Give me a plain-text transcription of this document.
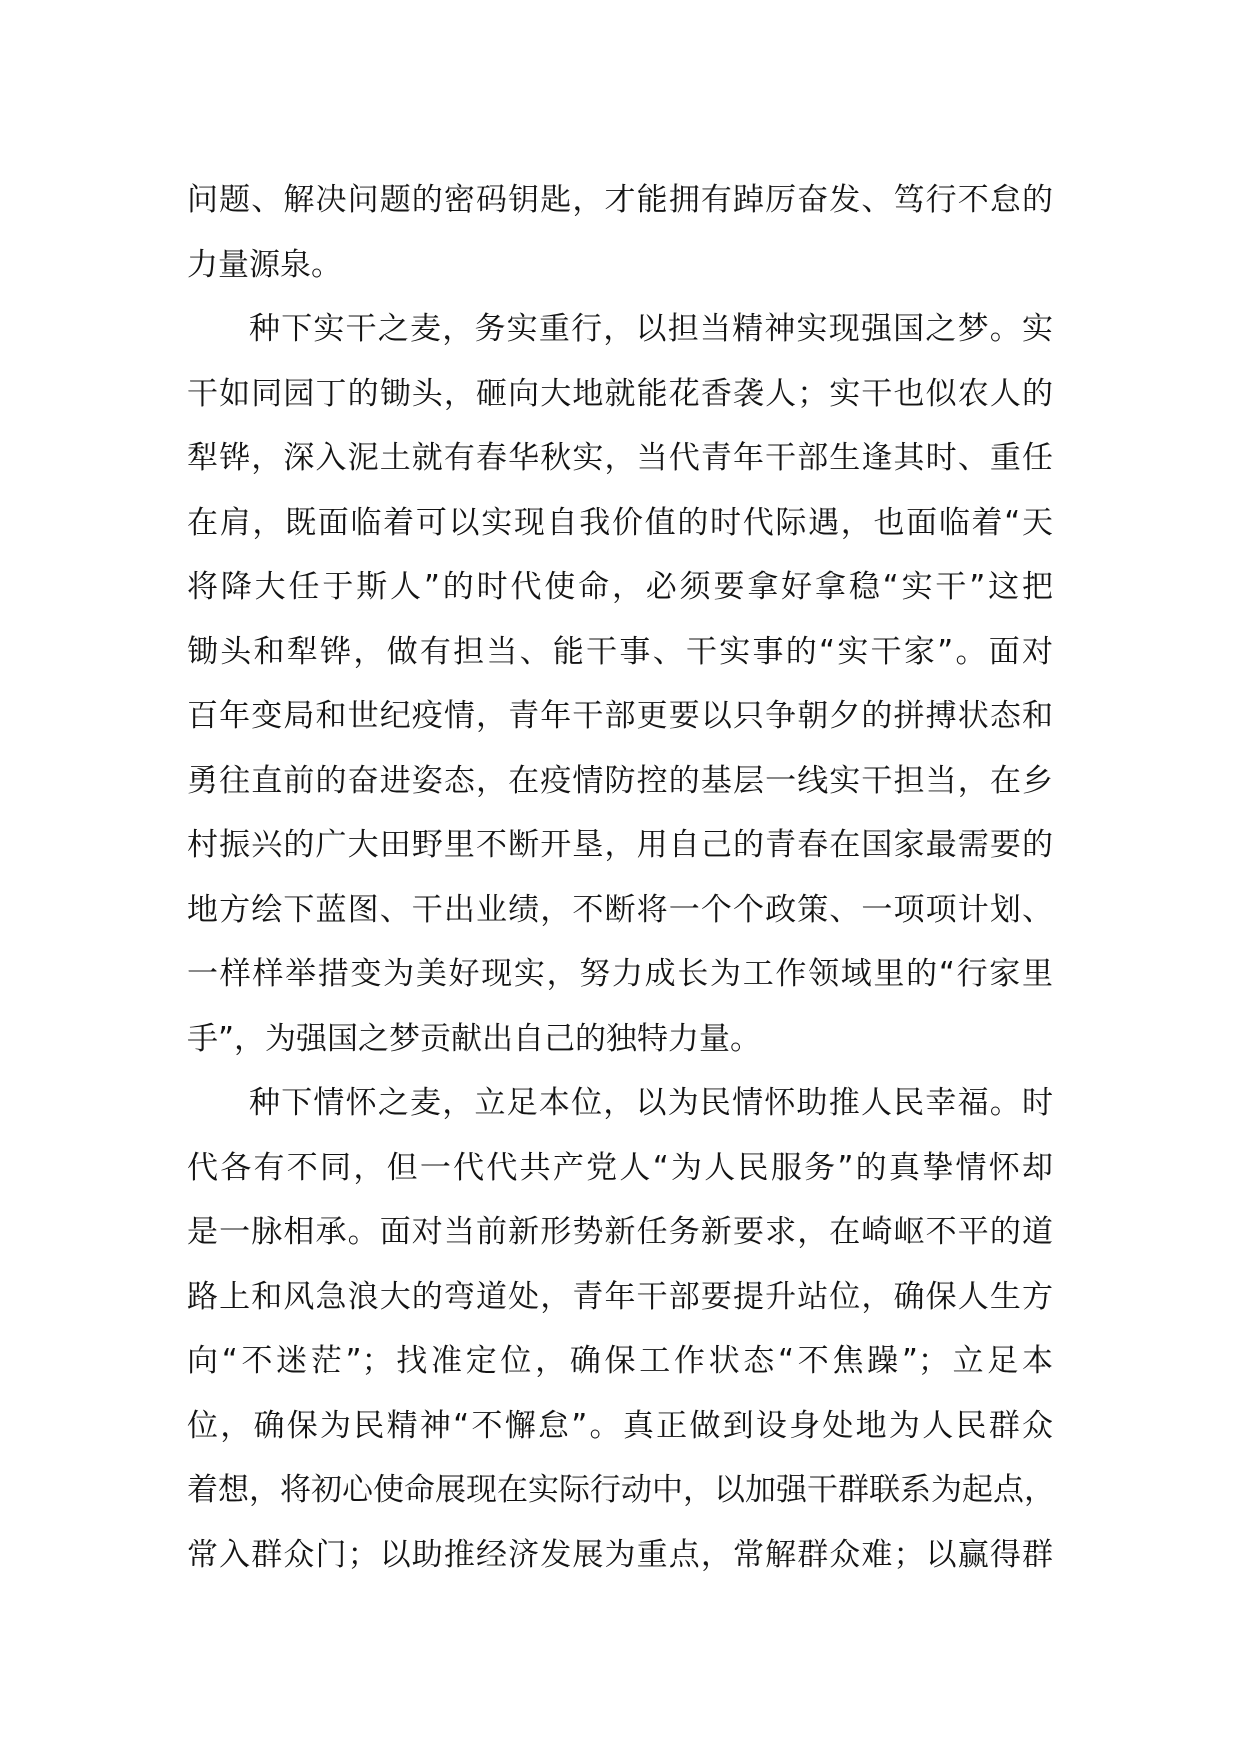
问题、解决问题的密码钥匙，才能拥有踔厉奋发、笃行不怠的
力量源泉。
种下实干之麦，务实重行，以担当精神实现强国之梦。实
干如同园丁的锄头，砸向大地就能花香袭人；实干也似农人的
犁铧，深入泥土就有春华秋实，当代青年干部生逢其时、重任
在肩，既面临着可以实现自我价值的时代际遇，也面临着“天
将降大任于斯人”的时代使命，必须要拿好拿稳“实干”这把
锄头和犁铧，做有担当、能干事、干实事的“实干家”。面对
百年变局和世纪疫情，青年干部更要以只争朝夕的拼搏状态和
勇往直前的奋进姿态，在疫情防控的基层一线实干担当，在乡
村振兴的广大田野里不断开垦，用自己的青春在国家最需要的
地方绘下蓝图、干出业绩，不断将一个个政策、一项项计划、
一样样举措变为美好现实，努力成长为工作领域里的“行家里
手”，为强国之梦贡献出自己的独特力量。
种下情怀之麦，立足本位，以为民情怀助推人民幸福。时
代各有不同，但一代代共产党人“为人民服务”的真挚情怀却
是一脉相承。面对当前新形势新任务新要求，在崎岖不平的道
路上和风急浪大的弯道处，青年干部要提升站位，确保人生方
向“不迷茫”；找准定位，确保工作状态“不焦躁”；立足本
位，确保为民精神“不懈怠”。真正做到设身处地为人民群众
着想，将初心使命展现在实际行动中，以加强干群联系为起点，
常入群众门；以助推经济发展为重点，常解群众难；以赢得群
